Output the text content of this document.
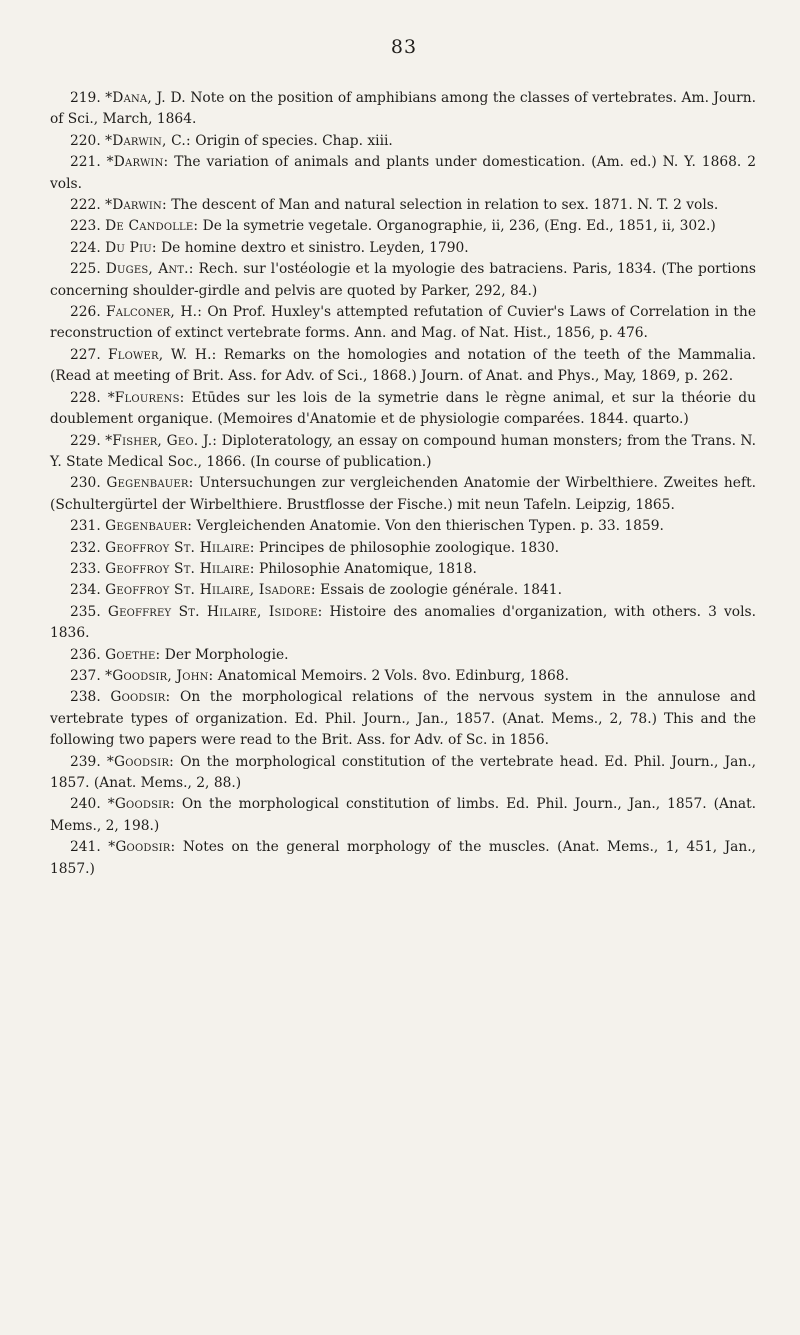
83

219. *Dana, J. D. Note on the position of amphibians among the classes of vertebrates. Am. Journ. of Sci., March, 1864.

220. *Darwin, C.: Origin of species. Chap. xiii.

221. *Darwin: The variation of animals and plants under domestication. (Am. ed.) N. Y. 1868. 2 vols.

222. *Darwin: The descent of Man and natural selection in relation to sex. 1871. N. T. 2 vols.

223. De Candolle: De la symetrie vegetale. Organographie, ii, 236, (Eng. Ed., 1851, ii, 302.)

224. Du Piu: De homine dextro et sinistro. Leyden, 1790.

225. Duges, Ant.: Rech. sur l'ostéologie et la myologie des batraciens. Paris, 1834. (The portions concerning shoulder-girdle and pelvis are quoted by Parker, 292, 84.)

226. Falconer, H.: On Prof. Huxley's attempted refutation of Cuvier's Laws of Correlation in the reconstruction of extinct vertebrate forms. Ann. and Mag. of Nat. Hist., 1856, p. 476.

227. Flower, W. H.: Remarks on the homologies and notation of the teeth of the Mammalia. (Read at meeting of Brit. Ass. for Adv. of Sci., 1868.) Journ. of Anat. and Phys., May, 1869, p. 262.

228. *Flourens: Etūdes sur les lois de la symetrie dans le règne animal, et sur la théorie du doublement organique. (Memoires d'Anatomie et de physiologie comparées. 1844. quarto.)

229. *Fisher, Geo. J.: Diploteratology, an essay on compound human monsters; from the Trans. N. Y. State Medical Soc., 1866. (In course of publication.)

230. Gegenbauer: Untersuchungen zur vergleichenden Anatomie der Wirbelthiere. Zweites heft. (Schultergürtel der Wirbelthiere. Brustflosse der Fische.) mit neun Tafeln. Leipzig, 1865.

231. Gegenbauer: Vergleichenden Anatomie. Von den thierischen Typen. p. 33. 1859.

232. Geoffroy St. Hilaire: Principes de philosophie zoologique. 1830.

233. Geoffroy St. Hilaire: Philosophie Anatomique, 1818.

234. Geoffroy St. Hilaire, Isadore: Essais de zoologie générale. 1841.

235. Geoffrey St. Hilaire, Isidore: Histoire des anomalies d'organization, with others. 3 vols. 1836.

236. Goethe: Der Morphologie.

237. *Goodsir, John: Anatomical Memoirs. 2 Vols. 8vo. Edinburg, 1868.

238. Goodsir: On the morphological relations of the nervous system in the annulose and vertebrate types of organization. Ed. Phil. Journ., Jan., 1857. (Anat. Mems., 2, 78.) This and the following two papers were read to the Brit. Ass. for Adv. of Sc. in 1856.

239. *Goodsir: On the morphological constitution of the vertebrate head. Ed. Phil. Journ., Jan., 1857. (Anat. Mems., 2, 88.)

240. *Goodsir: On the morphological constitution of limbs. Ed. Phil. Journ., Jan., 1857. (Anat. Mems., 2, 198.)

241. *Goodsir: Notes on the general morphology of the muscles. (Anat. Mems., 1, 451, Jan., 1857.)
